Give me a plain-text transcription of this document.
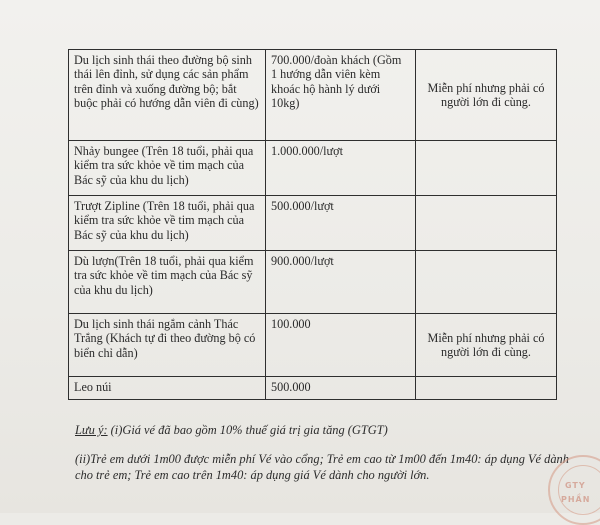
Du lịch sinh thái theo đường bộ sinh thái lên đỉnh, sử dụng các sản phẩm trên đỉnh và xuống đường bộ; bắt buộc phải có hướng dẫn viên đi cùng)	700.000/đoàn khách (Gồm 1 hướng dẫn viên kèm khoác hộ hành lý dưới 10kg)	Miễn phí nhưng phải có người lớn đi cùng.
Nhảy bungee (Trên 18 tuổi, phải qua kiểm tra sức khỏe về tim mạch của Bác sỹ của khu du lịch)	1.000.000/lượt	
Trượt Zipline (Trên 18 tuổi, phải qua kiểm tra sức khỏe về tim mạch của Bác sỹ của khu du lịch)	500.000/lượt	
Dù lượn(Trên 18 tuổi, phải qua kiểm tra sức khỏe về tim mạch của Bác sỹ của khu du lịch)	900.000/lượt	
Du lịch sinh thái ngắm cảnh Thác Trắng (Khách tự đi theo đường bộ có biển chỉ dẫn)	100.000	Miễn phí nhưng phải có người lớn đi cùng.
Leo núi	500.000	
Lưu ý: (i)Giá vé đã bao gồm 10% thuế giá trị gia tăng (GTGT)
(ii)Trẻ em dưới 1m00 được miễn phí Vé vào cổng; Trẻ em cao từ 1m00 đến 1m40: áp dụng Vé dành cho trẻ em; Trẻ em cao trên 1m40: áp dụng giá Vé dành cho người lớn.
GTY
PHẦN
